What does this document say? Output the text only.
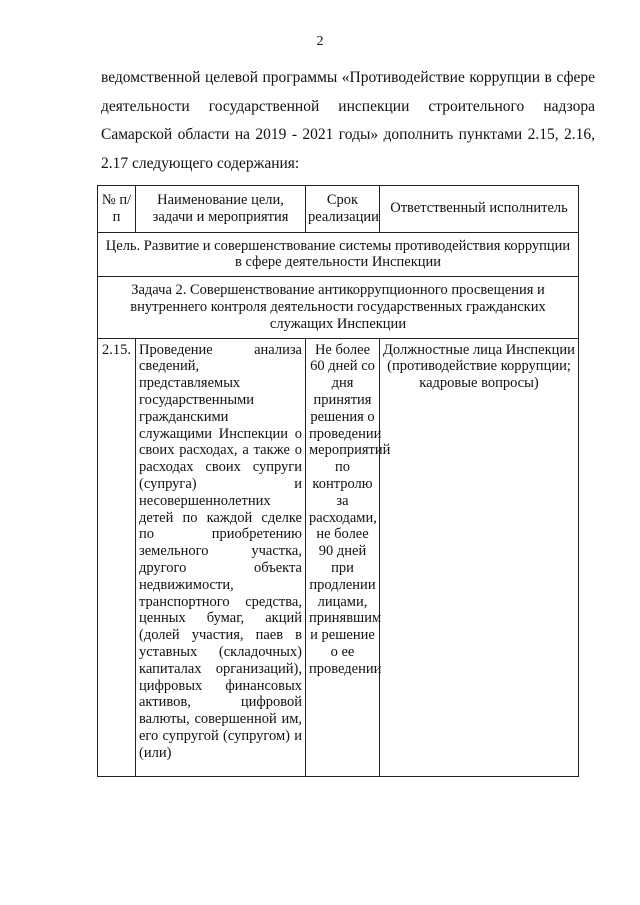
2
ведомственной целевой программы «Противодействие коррупции в сфере деятельности государственной инспекции строительного надзора Самарской области на 2019 - 2021 годы» дополнить пунктами 2.15, 2.16, 2.17 следующего содержания:
№ п/п	Наименование цели, задачи и мероприятия	Срок реализации	Ответственный исполнитель
Цель. Развитие и совершенствование системы противодействия коррупции в сфере деятельности Инспекции			
Задача 2. Совершенствование антикоррупционного просвещения и внутреннего контроля деятельности государственных гражданских служащих Инспекции			
2.15.	Проведение анализа сведений, представляемых государственными гражданскими служащими Инспекции о своих расходах, а также о расходах своих супруги (супруга) и несовершеннолетних детей по каждой сделке по приобретению земельного участка, другого объекта недвижимости, транспортного средства, ценных бумаг, акций (долей участия, паев в уставных (складочных) капиталах организаций), цифровых финансовых активов, цифровой валюты, совершенной им, его супругой (супругом) и (или)	Не более 60 дней со дня принятия решения о проведении мероприятий по контролю за расходами, не более 90 дней при продлении лицами, принявшим и решение о ее проведении	Должностные лица Инспекции (противодействие коррупции; кадровые вопросы)
